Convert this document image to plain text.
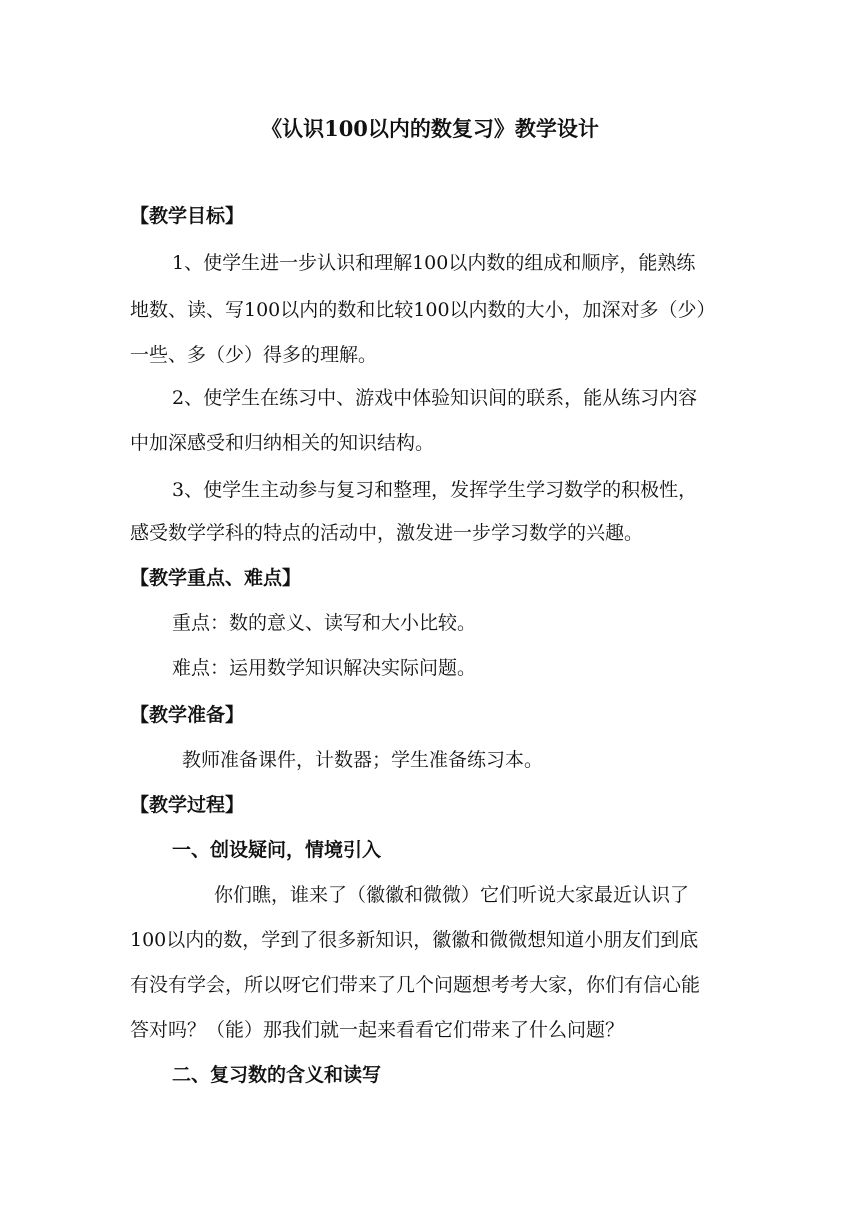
《认识100以内的数复习》教学设计
【教学目标】
1、使学生进一步认识和理解100以内数的组成和顺序，能熟练
地数、读、写100以内的数和比较100以内数的大小，加深对多（少）
一些、多（少）得多的理解。
2、使学生在练习中、游戏中体验知识间的联系，能从练习内容
中加深感受和归纳相关的知识结构。
3、使学生主动参与复习和整理，发挥学生学习数学的积极性，
感受数学学科的特点的活动中，激发进一步学习数学的兴趣。
【教学重点、难点】
重点：数的意义、读写和大小比较。
难点：运用数学知识解决实际问题。
【教学准备】
教师准备课件，计数器；学生准备练习本。
【教学过程】
一、创设疑问，情境引入
你们瞧，谁来了（徽徽和微微）它们听说大家最近认识了
100以内的数，学到了很多新知识，徽徽和微微想知道小朋友们到底
有没有学会，所以呀它们带来了几个问题想考考大家，你们有信心能
答对吗？（能）那我们就一起来看看它们带来了什么问题？
二、复习数的含义和读写
